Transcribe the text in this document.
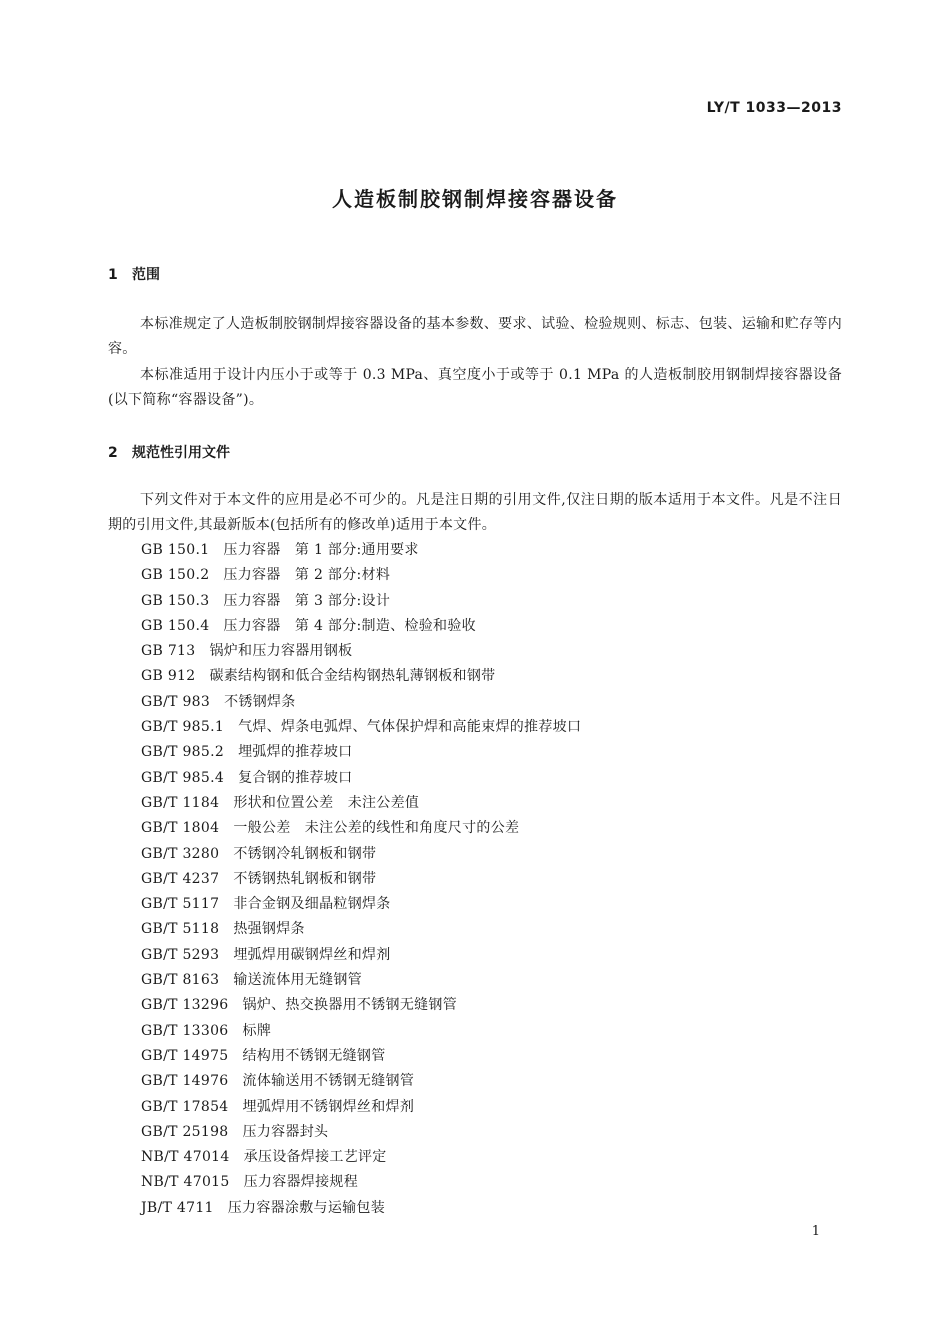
LY/T 1033—2013
人造板制胶钢制焊接容器设备
1 范围

本标准规定了人造板制胶钢制焊接容器设备的基本参数、要求、试验、检验规则、标志、包装、运输和贮存等内容。

本标准适用于设计内压小于或等于 0.3 MPa、真空度小于或等于 0.1 MPa 的人造板制胶用钢制焊接容器设备(以下简称“容器设备”)。

2 规范性引用文件

下列文件对于本文件的应用是必不可少的。凡是注日期的引用文件,仅注日期的版本适用于本文件。凡是不注日期的引用文件,其最新版本(包括所有的修改单)适用于本文件。

GB 150.1 压力容器　第 1 部分:通用要求
GB 150.2 压力容器　第 2 部分:材料
GB 150.3 压力容器　第 3 部分:设计
GB 150.4 压力容器　第 4 部分:制造、检验和验收
GB 713 锅炉和压力容器用钢板
GB 912 碳素结构钢和低合金结构钢热轧薄钢板和钢带
GB/T 983 不锈钢焊条
GB/T 985.1 气焊、焊条电弧焊、气体保护焊和高能束焊的推荐坡口
GB/T 985.2 埋弧焊的推荐坡口
GB/T 985.4 复合钢的推荐坡口
GB/T 1184 形状和位置公差　未注公差值
GB/T 1804 一般公差　未注公差的线性和角度尺寸的公差
GB/T 3280 不锈钢冷轧钢板和钢带
GB/T 4237 不锈钢热轧钢板和钢带
GB/T 5117 非合金钢及细晶粒钢焊条
GB/T 5118 热强钢焊条
GB/T 5293 埋弧焊用碳钢焊丝和焊剂
GB/T 8163 输送流体用无缝钢管
GB/T 13296 锅炉、热交换器用不锈钢无缝钢管
GB/T 13306 标牌
GB/T 14975 结构用不锈钢无缝钢管
GB/T 14976 流体输送用不锈钢无缝钢管
GB/T 17854 埋弧焊用不锈钢焊丝和焊剂
GB/T 25198 压力容器封头
NB/T 47014 承压设备焊接工艺评定
NB/T 47015 压力容器焊接规程
JB/T 4711 压力容器涂敷与运输包装
1
